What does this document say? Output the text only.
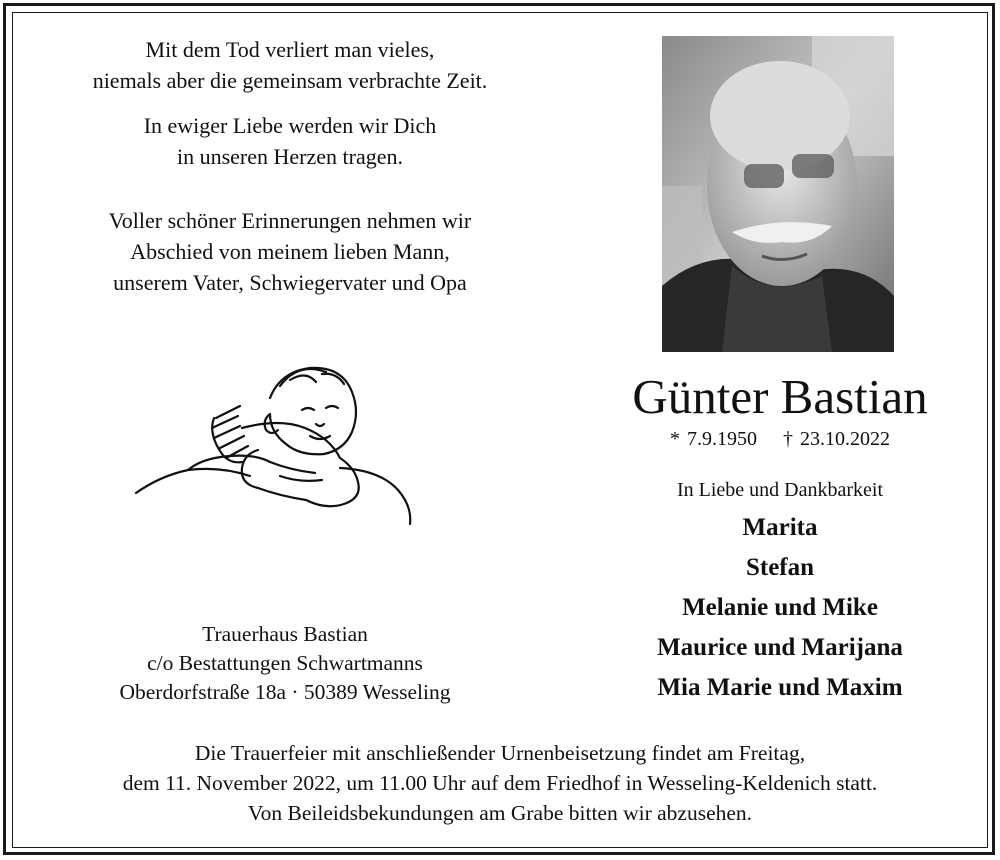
Mit dem Tod verliert man vieles,
niemals aber die gemeinsam verbrachte Zeit.
In ewiger Liebe werden wir Dich
in unseren Herzen tragen.
Voller schöner Erinnerungen nehmen wir
Abschied von meinem lieben Mann,
unserem Vater, Schwiegervater und Opa
Günter Bastian
* 7.9.1950 † 23.10.2022
In Liebe und Dankbarkeit
Marita
Stefan
Melanie und Mike
Maurice und Marijana
Mia Marie und Maxim
Trauerhaus Bastian
c/o Bestattungen Schwartmanns
Oberdorfstraße 18a · 50389 Wesseling
Die Trauerfeier mit anschließender Urnenbeisetzung findet am Freitag,
dem 11. November 2022, um 11.00 Uhr auf dem Friedhof in Wesseling-Keldenich statt.
Von Beileidsbekundungen am Grabe bitten wir abzusehen.
